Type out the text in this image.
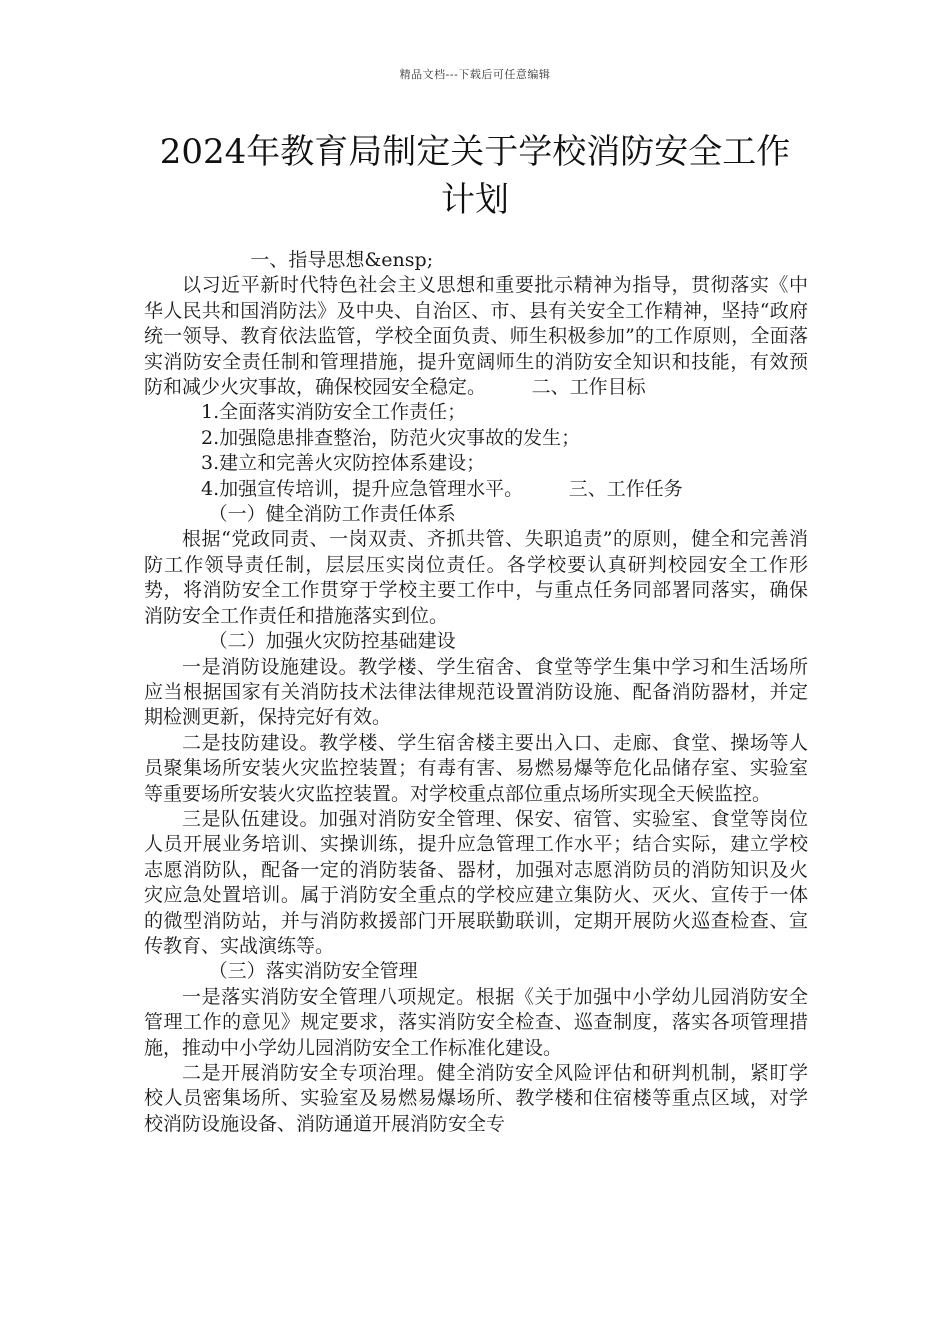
精品文档---下载后可任意编辑
2024年教育局制定关于学校消防安全工作
计划

一、指导思想&ensp;

以习近平新时代特色社会主义思想和重要批示精神为指导，贯彻落实《中华人民共和国消防法》及中央、自治区、市、县有关安全工作精神，坚持“政府统一领导、教育依法监管，学校全面负责、师生积极参加”的工作原则，全面落实消防安全责任制和管理措施，提升宽阔师生的消防安全知识和技能，有效预防和减少火灾事故，确保校园安全稳定。 二、工作目标

1.全面落实消防安全工作责任；

2.加强隐患排查整治，防范火灾事故的发生；

3.建立和完善火灾防控体系建设；

4.加强宣传培训，提升应急管理水平。 三、工作任务

（一）健全消防工作责任体系

根据“党政同责、一岗双责、齐抓共管、失职追责”的原则，健全和完善消防工作领导责任制，层层压实岗位责任。各学校要认真研判校园安全工作形势，将消防安全工作贯穿于学校主要工作中，与重点任务同部署同落实，确保消防安全工作责任和措施落实到位。

（二）加强火灾防控基础建设

一是消防设施建设。教学楼、学生宿舍、食堂等学生集中学习和生活场所应当根据国家有关消防技术法律法律规范设置消防设施、配备消防器材，并定期检测更新，保持完好有效。

二是技防建设。教学楼、学生宿舍楼主要出入口、走廊、食堂、操场等人员聚集场所安装火灾监控装置；有毒有害、易燃易爆等危化品储存室、实验室等重要场所安装火灾监控装置。对学校重点部位重点场所实现全天候监控。

三是队伍建设。加强对消防安全管理、保安、宿管、实验室、食堂等岗位人员开展业务培训、实操训练，提升应急管理工作水平；结合实际，建立学校志愿消防队，配备一定的消防装备、器材，加强对志愿消防员的消防知识及火灾应急处置培训。属于消防安全重点的学校应建立集防火、灭火、宣传于一体的微型消防站，并与消防救援部门开展联勤联训，定期开展防火巡查检查、宣传教育、实战演练等。

（三）落实消防安全管理

一是落实消防安全管理八项规定。根据《关于加强中小学幼儿园消防安全管理工作的意见》规定要求，落实消防安全检查、巡查制度，落实各项管理措施，推动中小学幼儿园消防安全工作标准化建设。

二是开展消防安全专项治理。健全消防安全风险评估和研判机制，紧盯学校人员密集场所、实验室及易燃易爆场所、教学楼和住宿楼等重点区域，对学校消防设施设备、消防通道开展消防安全专
